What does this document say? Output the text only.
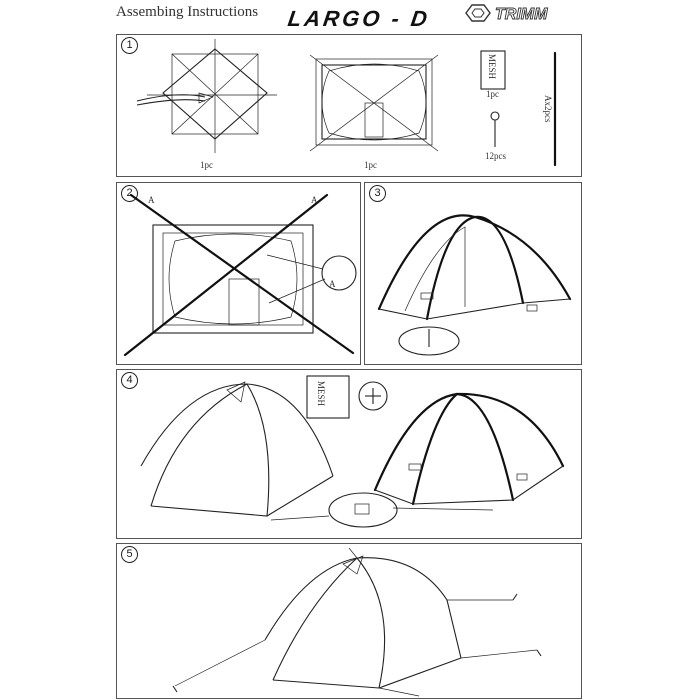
Assembing Instructions LARGO - D	TRIMM
1
1pc	1pc
MESH
1pc
12pcs
Ax2pcs
2
A	A
A
3
4
MESH
5
